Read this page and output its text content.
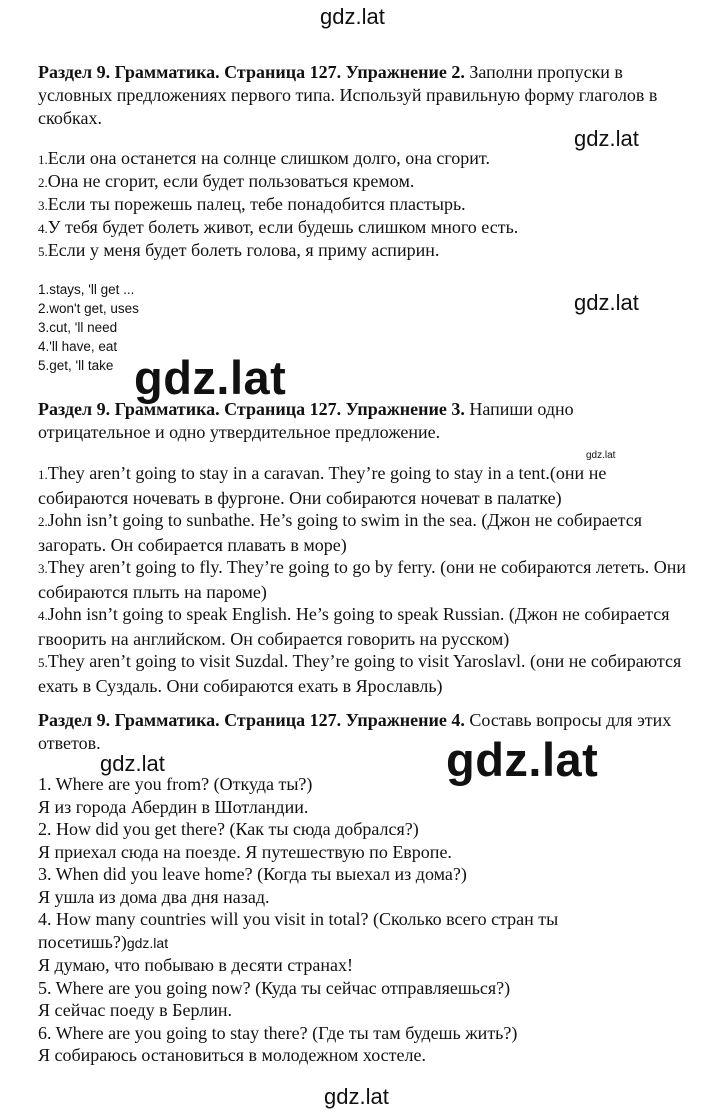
gdz.lat
gdz.lat
gdz.lat
gdz.lat
gdz.lat
gdz.lat	gdz.lat
gdz.lat
Раздел 9. Грамматика. Страница 127. Упражнение 2. Заполни пропуски в условных предложениях первого типа. Используй правильную форму глаголов в скобках.
1.Если она останется на солнце слишком долго, она сгорит.
2.Она не сгорит, если будет пользоваться кремом.
3.Если ты порежешь палец, тебе понадобится пластырь.
4.У тебя будет болеть живот, если будешь слишком много есть.
5.Если у меня будет болеть голова, я приму аспирин.
1.stays, 'll get ...
2.won't get, uses
3.cut, 'll need
4.'ll have, eat
5.get, 'll take
Раздел 9. Грамматика. Страница 127. Упражнение 3. Напиши одно отрицательное и одно утвердительное предложение.

1.They aren’t going to stay in a caravan. They’re going to stay in a tent.(они не собираются ночевать в фургоне. Они собираются ночеват в палатке)

2.John isn’t going to sunbathe. He’s going to swim in the sea. (Джон не собирается загорать. Он собирается плавать в море)

3.They aren’t going to fly. They’re going to go by ferry. (они не собираются лететь. Они собираются плыть на пароме)

4.John isn’t going to speak English. He’s going to speak Russian. (Джон не собирается гвоорить на английском. Он собирается говорить на русском)

5.They aren’t going to visit Suzdal. They’re going to visit Yaroslavl. (они не собираются ехать в Суздаль. Они собираются ехать в Ярославль)

Раздел 9. Грамматика. Страница 127. Упражнение 4. Составь вопросы для этих ответов.

1. Where are you from? (Откуда ты?)

Я из города Абердин в Шотландии.

2. How did you get there? (Как ты сюда добрался?)

Я приехал сюда на поезде. Я путешествую по Европе.

3. When did you leave home? (Когда ты выехал из дома?)

Я ушла из дома два дня назад.

4. How many countries will you visit in total? (Сколько всего стран ты

посетишь?)gdz.lat

Я думаю, что побываю в десяти странах!

5. Where are you going now? (Куда ты сейчас отправляешься?)

Я сейчас поеду в Берлин.

6. Where are you going to stay there? (Где ты там будешь жить?)

Я собираюсь остановиться в молодежном хостеле.
